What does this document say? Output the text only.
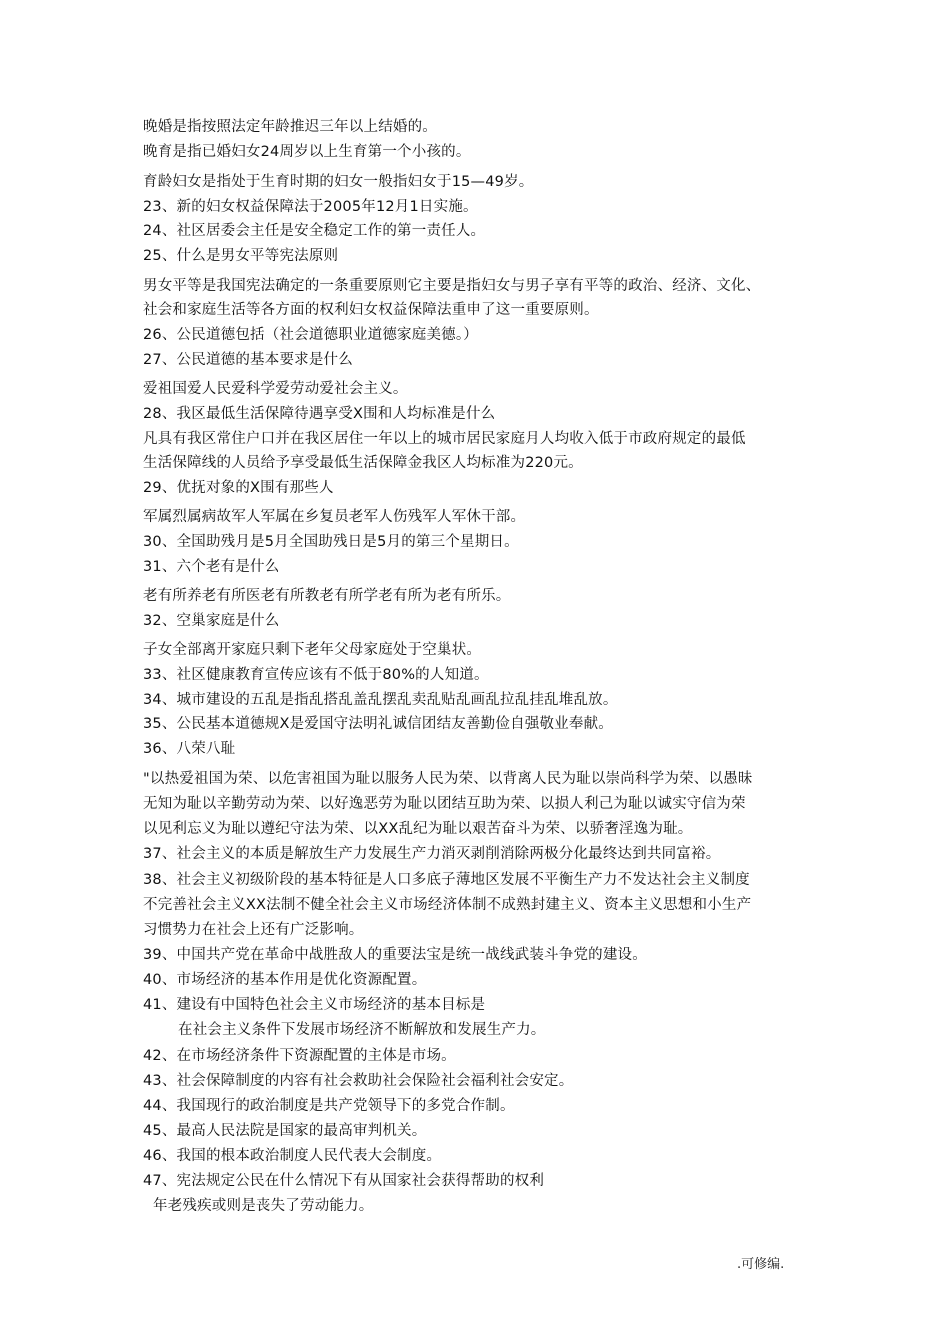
晚婚是指按照法定年龄推迟三年以上结婚的。
晚育是指已婚妇女24周岁以上生育第一个小孩的。
育龄妇女是指处于生育时期的妇女一般指妇女于15—49岁。
23、新的妇女权益保障法于2005年12月1日实施。
24、社区居委会主任是安全稳定工作的第一责任人。
25、什么是男女平等宪法原则
男女平等是我国宪法确定的一条重要原则它主要是指妇女与男子享有平等的政治、经济、文化、
社会和家庭生活等各方面的权利妇女权益保障法重申了这一重要原则。
26、公民道德包括（社会道德职业道德家庭美德。）
27、公民道德的基本要求是什么
爱祖国爱人民爱科学爱劳动爱社会主义。
28、我区最低生活保障待遇享受X围和人均标准是什么
凡具有我区常住户口并在我区居住一年以上的城市居民家庭月人均收入低于市政府规定的最低
生活保障线的人员给予享受最低生活保障金我区人均标准为220元。
29、优抚对象的X围有那些人
军属烈属病故军人军属在乡复员老军人伤残军人军休干部。
30、全国助残月是5月全国助残日是5月的第三个星期日。
31、六个老有是什么
老有所养老有所医老有所教老有所学老有所为老有所乐。
32、空巢家庭是什么
子女全部离开家庭只剩下老年父母家庭处于空巢状。
33、社区健康教育宣传应该有不低于80%的人知道。
34、城市建设的五乱是指乱搭乱盖乱摆乱卖乱贴乱画乱拉乱挂乱堆乱放。
35、公民基本道德规X是爱国守法明礼诚信团结友善勤俭自强敬业奉献。
36、八荣八耻
"以热爱祖国为荣、以危害祖国为耻以服务人民为荣、以背离人民为耻以崇尚科学为荣、以愚昧
无知为耻以辛勤劳动为荣、以好逸恶劳为耻以团结互助为荣、以损人利己为耻以诚实守信为荣
以见利忘义为耻以遵纪守法为荣、以XX乱纪为耻以艰苦奋斗为荣、以骄奢淫逸为耻。
37、社会主义的本质是解放生产力发展生产力消灭剥削消除两极分化最终达到共同富裕。
38、社会主义初级阶段的基本特征是人口多底子薄地区发展不平衡生产力不发达社会主义制度
不完善社会主义XX法制不健全社会主义市场经济体制不成熟封建主义、资本主义思想和小生产
习惯势力在社会上还有广泛影响。
39、中国共产党在革命中战胜敌人的重要法宝是统一战线武装斗争党的建设。
40、市场经济的基本作用是优化资源配置。
41、建设有中国特色社会主义市场经济的基本目标是
在社会主义条件下发展市场经济不断解放和发展生产力。
42、在市场经济条件下资源配置的主体是市场。
43、社会保障制度的内容有社会救助社会保险社会福利社会安定。
44、我国现行的政治制度是共产党领导下的多党合作制。
45、最高人民法院是国家的最高审判机关。
46、我国的根本政治制度人民代表大会制度。
47、宪法规定公民在什么情况下有从国家社会获得帮助的权利
年老残疾或则是丧失了劳动能力。
.可修编.
